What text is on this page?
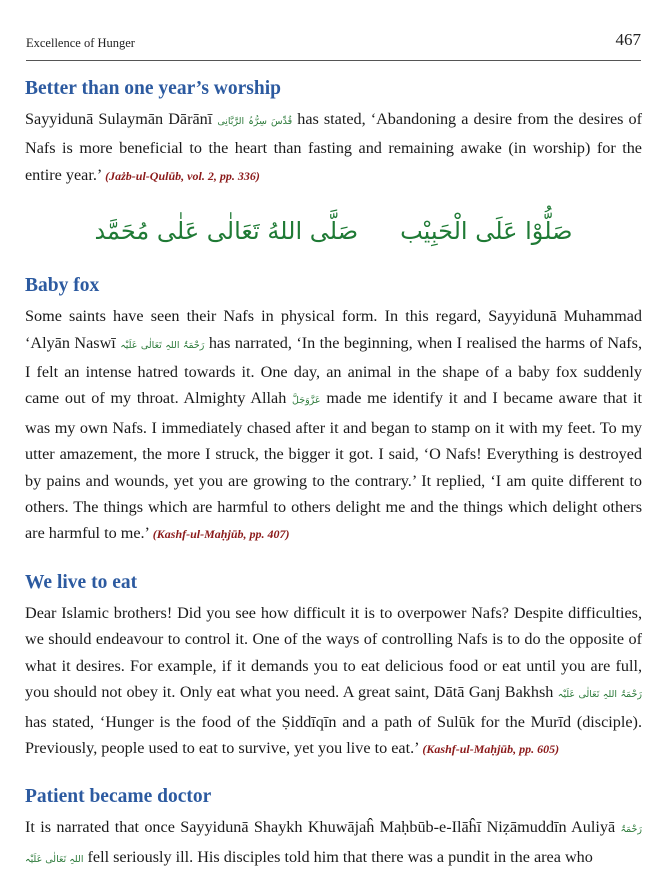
Excellence of Hunger	467
Better than one year’s worship

Sayyidunā Sulaymān Dārānī قُدِّسَ سِرُّہُ الرَّبَّانِی has stated, ‘Abandoning a desire from the desires of Nafs is more beneficial to the heart than fasting and remaining awake (in worship) for the entire year.’ (Jażb-ul-Qulūb, vol. 2, pp. 336)

صَلَّی اللهُ تَعَالٰی عَلٰی مُحَمَّد صَلُّوْا عَلَی الْحَبِیْب
Baby fox

Some saints have seen their Nafs in physical form. In this regard, Sayyidunā Muhammad ‘Alyān Naswī رَحْمَۃُ اللہِ تَعَالٰی عَلَیْہ has narrated, ‘In the beginning, when I realised the harms of Nafs, I felt an intense hatred towards it. One day, an animal in the shape of a baby fox suddenly came out of my throat. Almighty Allah عَزَّوَجَلَّ made me identify it and I became aware that it was my own Nafs. I immediately chased after it and began to stamp on it with my feet. To my utter amazement, the more I struck, the bigger it got. I said, ‘O Nafs! Everything is destroyed by pains and wounds, yet you are growing to the contrary.’ It replied, ‘I am quite different to others. The things which are harmful to others delight me and the things which delight others are harmful to me.’ (Kashf-ul-Maḥjūb, pp. 407)

We live to eat

Dear Islamic brothers! Did you see how difficult it is to overpower Nafs? Despite difficulties, we should endeavour to control it. One of the ways of controlling Nafs is to do the opposite of what it desires. For example, if it demands you to eat delicious food or eat until you are full, you should not obey it. Only eat what you need. A great saint, Dātā Ganj Bakhsh رَحْمَۃُ اللہِ تَعَالٰی عَلَیْہ has stated, ‘Hunger is the food of the Ṣiddīqīn and a path of Sulūk for the Murīd (disciple). Previously, people used to eat to survive, yet you live to eat.’ (Kashf-ul-Maḥjūb, pp. 605)

Patient became doctor

It is narrated that once Sayyidunā Shaykh Khuwājaĥ Maḥbūb-e-Ilāĥī Niẓāmuddīn Auliyā رَحْمَۃُ اللہِ تَعَالٰی عَلَیْہ fell seriously ill. His disciples told him that there was a pundit in the area who
